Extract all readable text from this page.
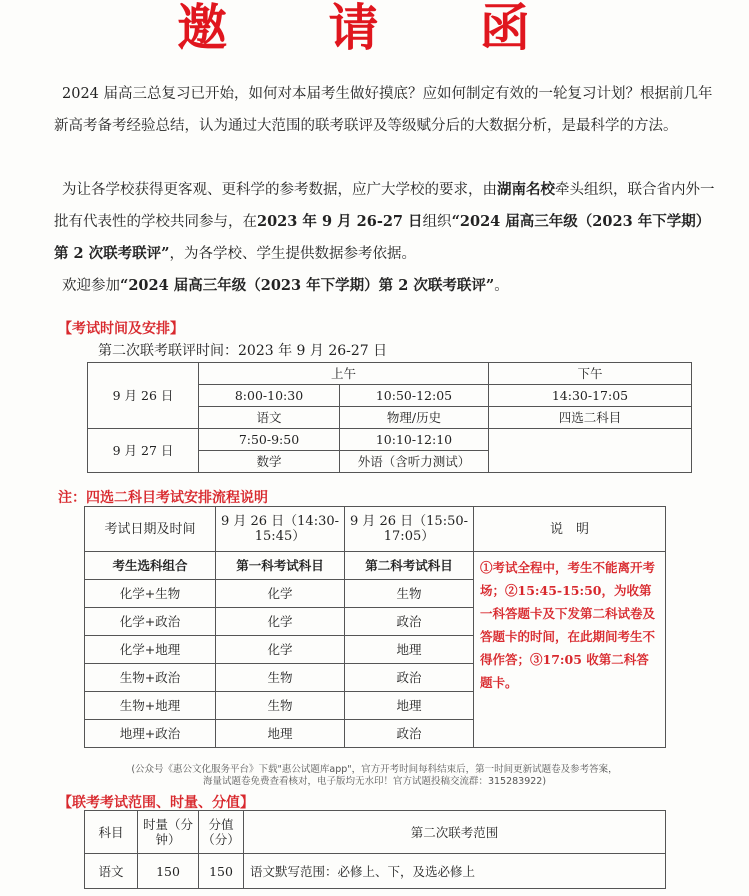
邀 请 函
2024 届高三总复习已开始，如何对本届考生做好摸底？应如何制定有效的一轮复习计划？根据前几年新高考备考经验总结，认为通过大范围的联考联评及等级赋分后的大数据分析，是最科学的方法。
为让各学校获得更客观、更科学的参考数据，应广大学校的要求，由湖南名校牵头组织，联合省内外一批有代表性的学校共同参与，在2023 年 9 月 26-27 日组织“2024 届高三年级（2023 年下学期）第 2 次联考联评”，为各学校、学生提供数据参考依据。
欢迎参加“2024 届高三年级（2023 年下学期）第 2 次联考联评”。
【考试时间及安排】
第二次联考联评时间：2023 年 9 月 26-27 日
9 月 26 日	上午		下午
	8:00-10:30	10:50-12:05	14:30-17:05
	语文	物理/历史	四选二科目
9 月 27 日	7:50-9:50	10:10-12:10	
	数学	外语（含听力测试）	
注：四选二科目考试安排流程说明
考试日期及时间	9 月 26 日（14:30-15:45）	9 月 26 日（15:50-17:05）	说　明
考生选科组合	第一科考试科目	第二科考试科目	①考试全程中，考生不能离开考场；②15:45-15:50，为收第一科答题卡及下发第二科试卷及答题卡的时间，在此期间考生不得作答；③17:05 收第二科答题卡。
化学+生物	化学	生物	
化学+政治	化学	政治	
化学+地理	化学	地理	
生物+政治	生物	政治	
生物+地理	生物	地理	
地理+政治	地理	政治	
(公众号《惠公文化服务平台》下载"惠公试题库app"，官方开考时间每科结束后，第一时间更新试题卷及参考答案，
海量试题卷免费查看核对，电子版均无水印！官方试题投稿交流群：315283922)
【联考考试范围、时量、分值】
科目	时量（分钟）	分值（分）	第二次联考范围
语文	150	150	语文默写范围：必修上、下，及选必修上
